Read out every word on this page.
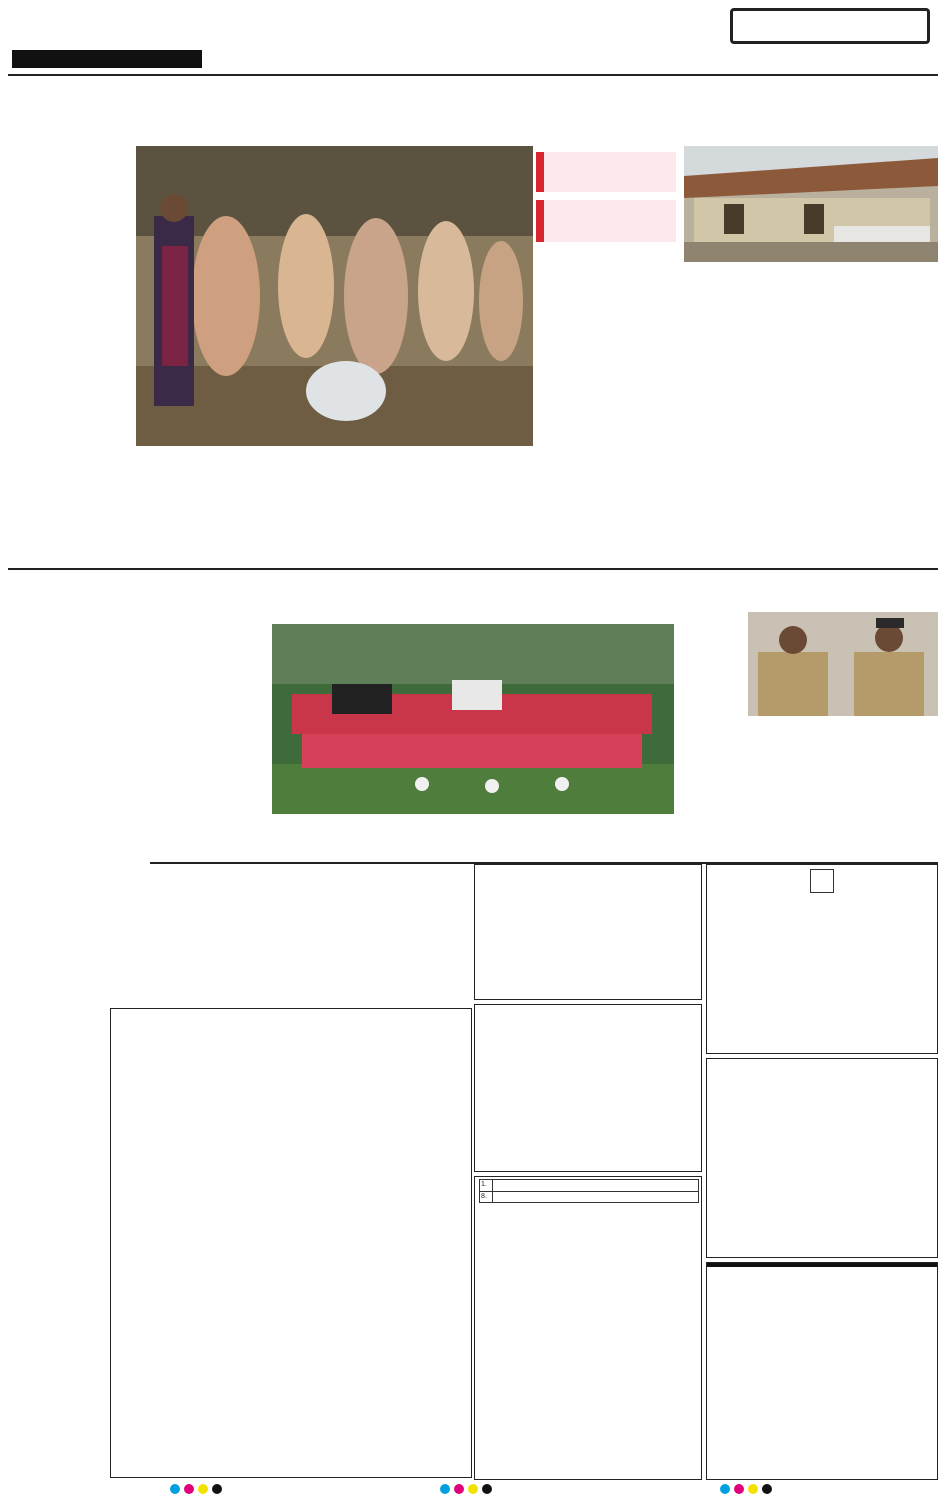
1.	
8.	
